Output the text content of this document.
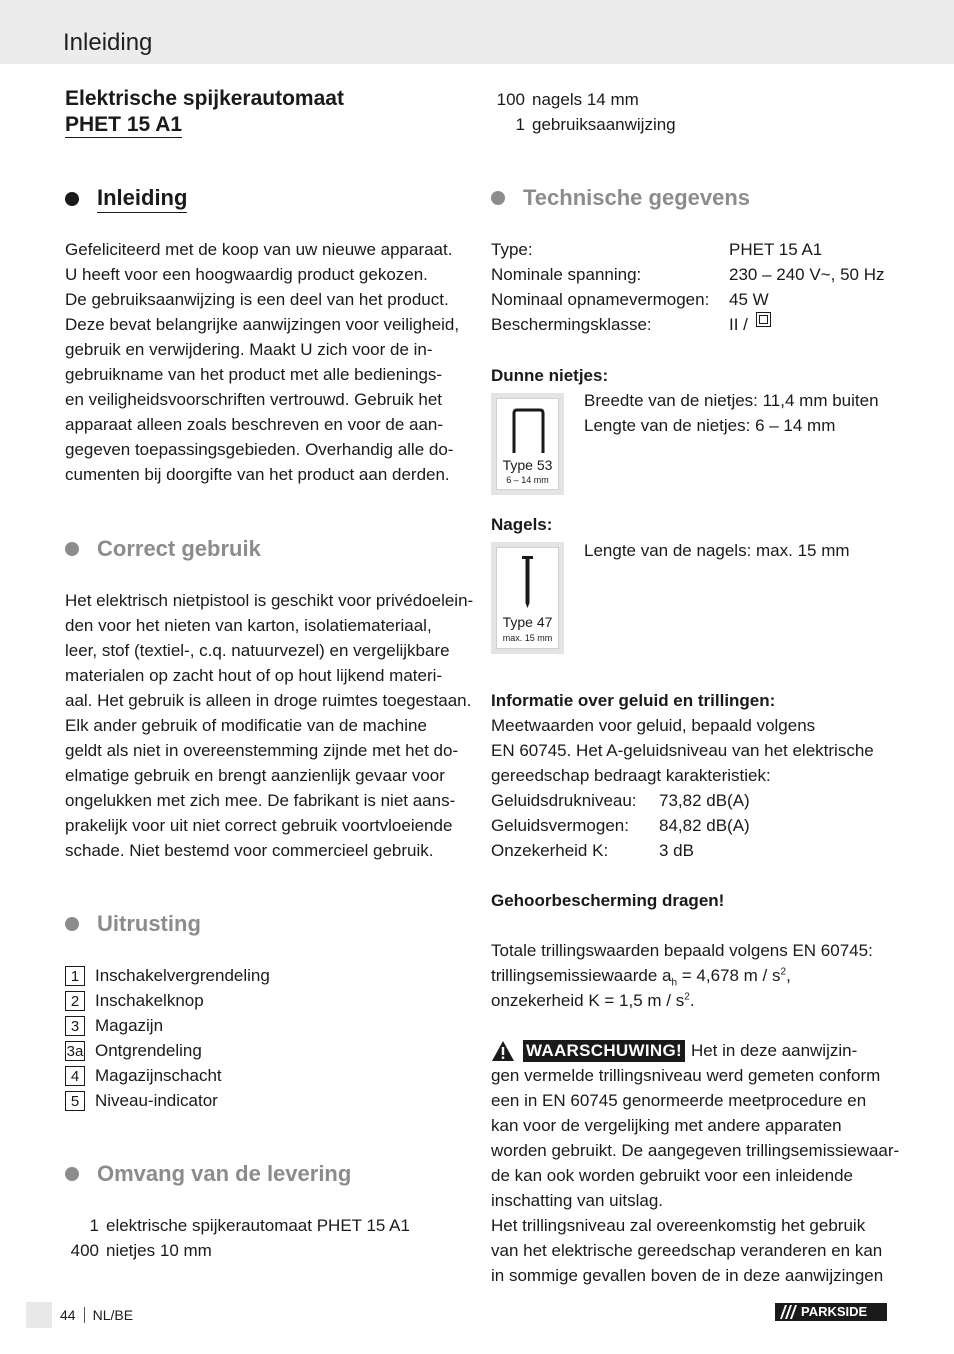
Inleiding
Elektrische spijkerautomaat
PHET 15 A1
Inleiding

Gefeliciteerd met de koop van uw nieuwe apparaat.

U heeft voor een hoogwaardig product gekozen.

De gebruiksaanwijzing is een deel van het product.

Deze bevat belangrijke aanwijzingen voor veiligheid,

gebruik en verwijdering. Maakt U zich voor de in-

gebruikname van het product met alle bedienings-

en veiligheidsvoorschriften vertrouwd. Gebruik het

apparaat alleen zoals beschreven en voor de aan-

gegeven toepassingsgebieden. Overhandig alle do-

cumenten bij doorgifte van het product aan derden.

Correct gebruik

Het elektrisch nietpistool is geschikt voor privédoelein-

den voor het nieten van karton, isolatiemateriaal,

leer, stof (textiel-, c.q. natuurvezel) en vergelijkbare

materialen op zacht hout of op hout lijkend materi-

aal. Het gebruik is alleen in droge ruimtes toegestaan.

Elk ander gebruik of modificatie van de machine

geldt als niet in overeenstemming zijnde met het do-

elmatige gebruik en brengt aanzienlijk gevaar voor

ongelukken met zich mee. De fabrikant is niet aans-

prakelijk voor uit niet correct gebruik voortvloeiende

schade. Niet bestemd voor commercieel gebruik.

Uitrusting
1 Inschakelvergrendeling
2 Inschakelknop
3 Magazijn
3a Ontgrendeling
4 Magazijnschacht
5 Niveau-indicator
Omvang van de levering
1 elektrische spijkerautomaat PHET 15 A1
400 nietjes 10 mm
100 nagels 14 mm
1 gebruiksaanwijzing
Technische gegevens
Type:	PHET 15 A1
Nominale spanning:	230 – 240 V~, 50 Hz
Nominaal opnamevermogen:	45 W
Beschermingsklasse:	II /
Dunne nietjes:
Type 53
6 – 14 mm
Breedte van de nietjes: 11,4 mm buiten
Lengte van de nietjes: 6 – 14 mm
Nagels:
Type 47
max. 15 mm
Lengte van de nagels: max. 15 mm
Informatie over geluid en trillingen:
Meetwaarden voor geluid, bepaald volgens
EN 60745. Het A-geluidsniveau van het elektrische
gereedschap bedraagt karakteristiek:
Geluidsdrukniveau:	73,82 dB(A)
Geluidsvermogen:	84,82 dB(A)
Onzekerheid K:	3 dB
Gehoorbescherming dragen!
Totale trillingswaarden bepaald volgens EN 60745:
trillingsemissiewaarde $a_h = 4,678$ m / $s^2$,
onzekerheid K = 1,5 m / $s^2$.
WAARSCHUWING! Het in deze aanwijzin-
gen vermelde trillingsniveau werd gemeten conform
een in EN 60745 genormeerde meetprocedure en
kan voor de vergelijking met andere apparaten
worden gebruikt. De aangegeven trillingsemissiewaar-
de kan ook worden gebruikt voor een inleidende
inschatting van uitslag.
Het trillingsniveau zal overeenkomstig het gebruik
van het elektrische gereedschap veranderen en kan
in sommige gevallen boven de in deze aanwijzingen
44 NL/BE	PARKSIDE
